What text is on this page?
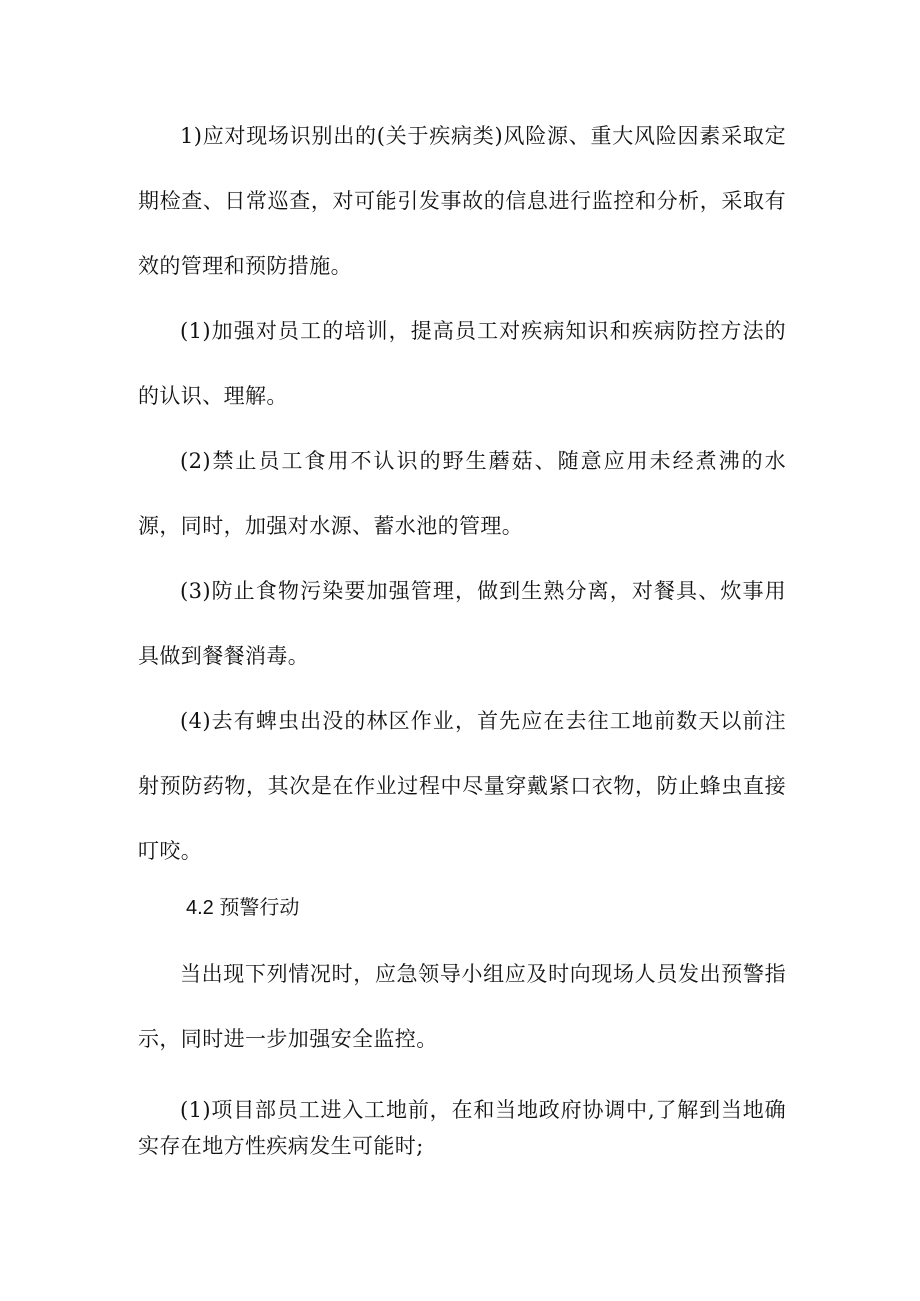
1)应对现场识别出的(关于疾病类)风险源、重大风险因素采取定期检查、日常巡查，对可能引发事故的信息进行监控和分析，采取有效的管理和预防措施。

(1)加强对员工的培训，提高员工对疾病知识和疾病防控方法的的认识、理解。

(2)禁止员工食用不认识的野生蘑菇、随意应用未经煮沸的水源，同时，加强对水源、蓄水池的管理。

(3)防止食物污染要加强管理，做到生熟分离，对餐具、炊事用具做到餐餐消毒。

(4)去有蜱虫出没的林区作业，首先应在去往工地前数天以前注射预防药物，其次是在作业过程中尽量穿戴紧口衣物，防止蜂虫直接叮咬。

4.2 预警行动

当出现下列情况时，应急领导小组应及时向现场人员发出预警指示，同时进一步加强安全监控。

(1)项目部员工进入工地前，在和当地政府协调中,了解到当地确实存在地方性疾病发生可能时;
